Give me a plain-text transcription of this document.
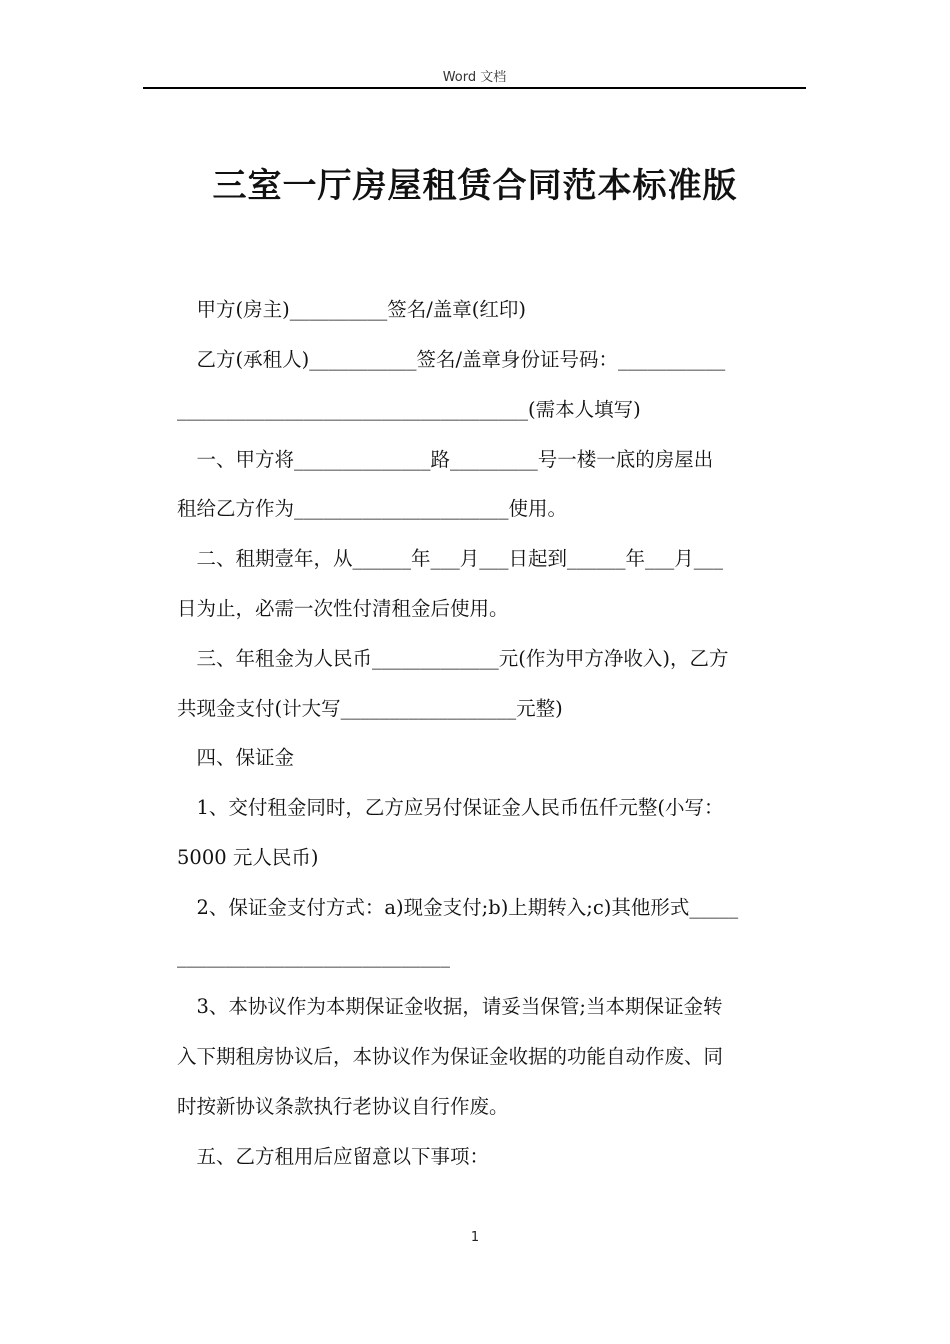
Word 文档
三室一厅房屋租赁合同范本标准版
　甲方(房主)__________签名/盖章(红印)
　乙方(承租人)___________签名/盖章身份证号码：___________
____________________________________(需本人填写)
　一、甲方将______________路_________号一楼一底的房屋出
租给乙方作为______________________使用。
　二、租期壹年，从______年___月___日起到______年___月___
日为止，必需一次性付清租金后使用。
　三、年租金为人民币_____________元(作为甲方净收入)，乙方
共现金支付(计大写__________________元整)
　四、保证金
　1、交付租金同时，乙方应另付保证金人民币伍仟元整(小写：
5000 元人民币)
　2、保证金支付方式：a)现金支付;b)上期转入;c)其他形式_____
____________________________
　3、本协议作为本期保证金收据，请妥当保管;当本期保证金转
入下期租房协议后，本协议作为保证金收据的功能自动作废、同
时按新协议条款执行老协议自行作废。
　五、乙方租用后应留意以下事项：
1
